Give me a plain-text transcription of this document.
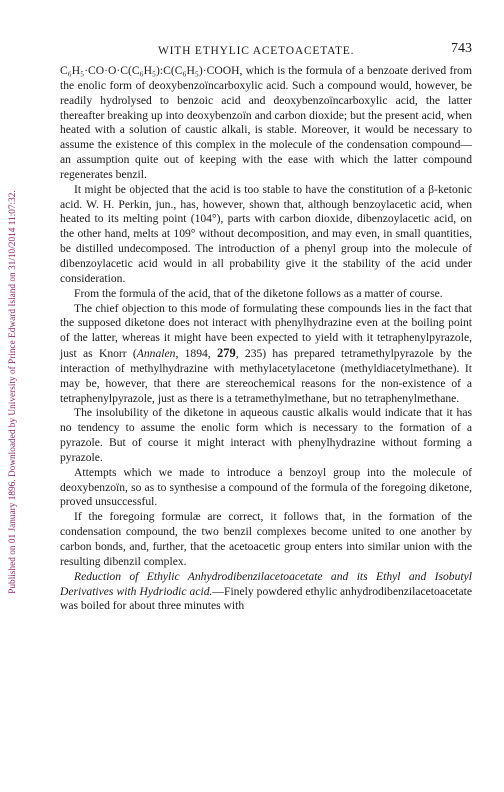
Published on 01 January 1896. Downloaded by University of Prince Edward Island on 31/10/2014 11:07:32.
WITH ETHYLIC ACETOACETATE.	743

C₆H₅·CO·O·C(C₆H₅):C(C₆H₅)·COOH, which is the formula of a benzoate derived from the enolic form of deoxybenzoïncarboxylic acid. Such a compound would, however, be readily hydrolysed to benzoic acid and deoxybenzoïncarboxylic acid, the latter thereafter breaking up into deoxybenzoïn and carbon dioxide; but the present acid, when heated with a solution of caustic alkali, is stable. Moreover, it would be necessary to assume the existence of this complex in the molecule of the condensation compound—an assumption quite out of keeping with the ease with which the latter compound regenerates benzil.

It might be objected that the acid is too stable to have the constitution of a β-ketonic acid. W. H. Perkin, jun., has, however, shown that, although benzoylacetic acid, when heated to its melting point (104°), parts with carbon dioxide, dibenzoylacetic acid, on the other hand, melts at 109° without decomposition, and may even, in small quantities, be distilled undecomposed. The introduction of a phenyl group into the molecule of dibenzoylacetic acid would in all probability give it the stability of the acid under consideration.

From the formula of the acid, that of the diketone follows as a matter of course.

The chief objection to this mode of formulating these compounds lies in the fact that the supposed diketone does not interact with phenylhydrazine even at the boiling point of the latter, whereas it might have been expected to yield with it tetraphenylpyrazole, just as Knorr (Annalen, 1894, 279, 235) has prepared tetramethylpyrazole by the interaction of methylhydrazine with methylacetylacetone (methyldiacetylmethane). It may be, however, that there are stereochemical reasons for the non-existence of a tetraphenylpyrazole, just as there is a tetramethylmethane, but no tetraphenylmethane.

The insolubility of the diketone in aqueous caustic alkalis would indicate that it has no tendency to assume the enolic form which is necessary to the formation of a pyrazole. But of course it might interact with phenylhydrazine without forming a pyrazole.

Attempts which we made to introduce a benzoyl group into the molecule of deoxybenzoïn, so as to synthesise a compound of the formula of the foregoing diketone, proved unsuccessful.

If the foregoing formulæ are correct, it follows that, in the formation of the condensation compound, the two benzil complexes become united to one another by carbon bonds, and, further, that the acetoacetic group enters into similar union with the resulting dibenzil complex.

Reduction of Ethylic Anhydrodibenzilacetoacetate and its Ethyl and Isobutyl Derivatives with Hydriodic acid.—Finely powdered ethylic anhydrodibenzilacetoacetate was boiled for about three minutes with
